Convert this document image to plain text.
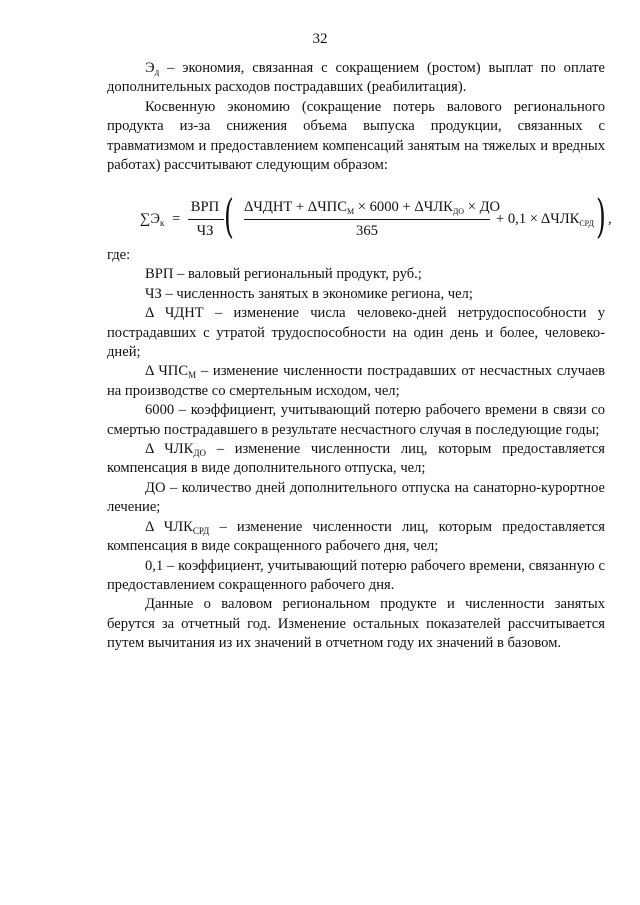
32

$Э_д$ – экономия, связанная с сокращением (ростом) выплат по оплате дополнительных расходов пострадавших (реабилитация).

Косвенную экономию (сокращение потерь валового регионального продукта из-за снижения объема выпуска продукции, связанных с травматизмом и предоставлением компенсаций занятым на тяжелых и вредных работах) рассчитывают следующим образом:

$\sum Э_к$ =
ВРП
ЧЗ ( ΔЧДНТ + $\Delta ЧПС_М \times 6000 + \Delta ЧЛК_{ДО}$ × ДО
365
+ $0,1 \times \Delta ЧЛК_{СРД}$ ) ,

где:

ВРП – валовый региональный продукт, руб.;

ЧЗ – численность занятых в экономике региона, чел;

Δ ЧДНТ – изменение числа человеко-дней нетрудоспособности у пострадавших с утратой трудоспособности на один день и более, человеко-дней;

Δ $ЧПС_М$ – изменение численности пострадавших от несчастных случаев на производстве со смертельным исходом, чел;

6000 – коэффициент, учитывающий потерю рабочего времени в связи со смертью пострадавшего в результате несчастного случая в последующие годы;

Δ $ЧЛК_{ДО}$ – изменение численности лиц, которым предоставляется компенсация в виде дополнительного отпуска, чел;

ДО – количество дней дополнительного отпуска на санаторно-курортное лечение;

Δ $ЧЛК_{СРД}$ – изменение численности лиц, которым предоставляется компенсация в виде сокращенного рабочего дня, чел;

0,1 – коэффициент, учитывающий потерю рабочего времени, связанную с предоставлением сокращенного рабочего дня.

Данные о валовом региональном продукте и численности занятых берутся за отчетный год. Изменение остальных показателей рассчитывается путем вычитания из их значений в отчетном году их значений в базовом.
